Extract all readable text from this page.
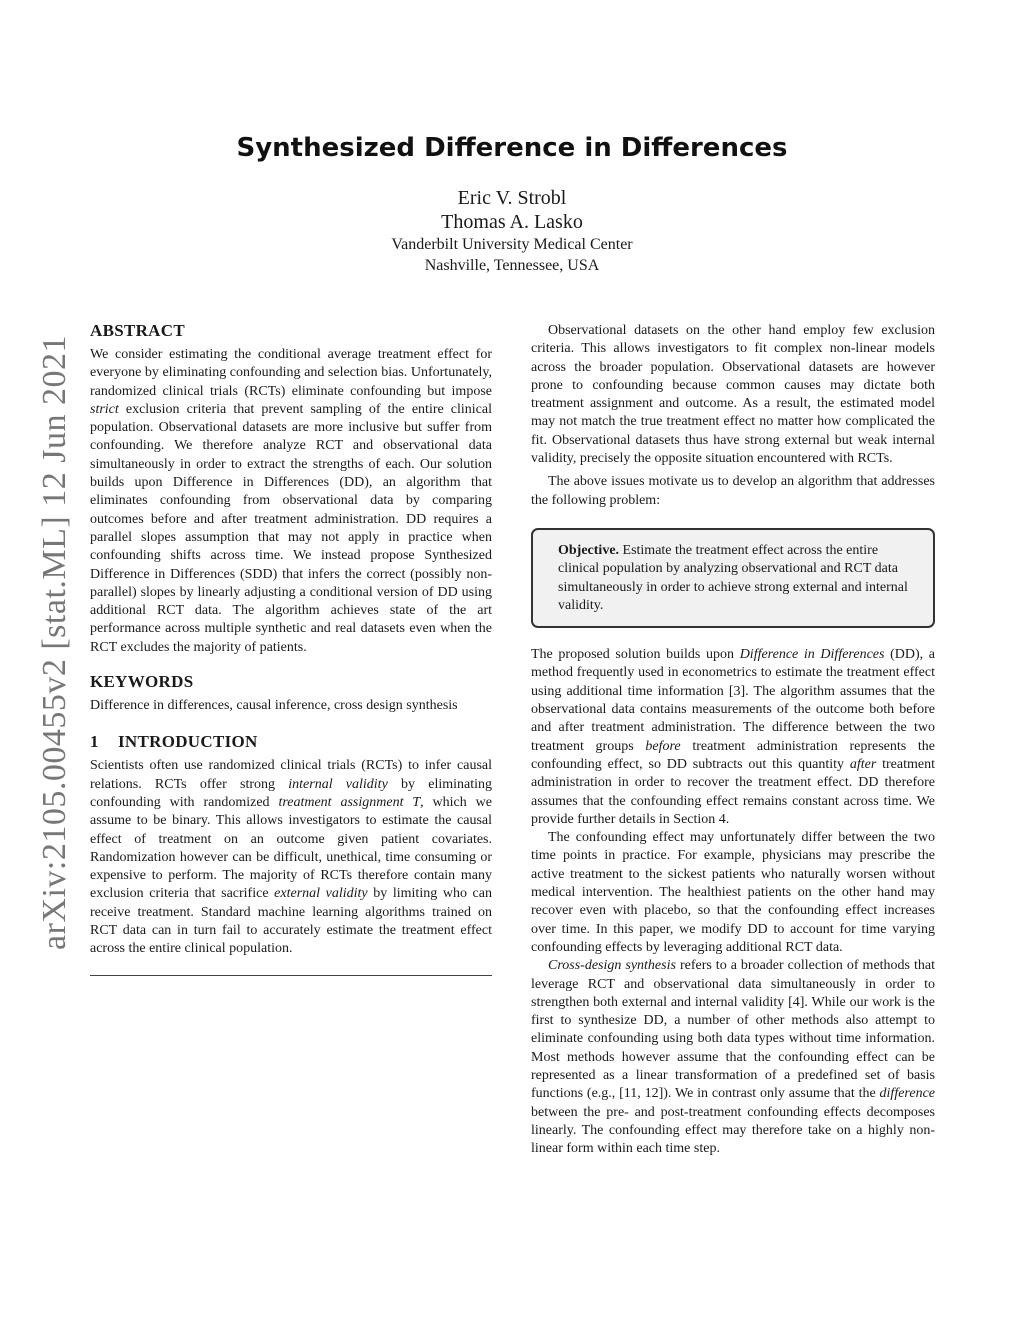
arXiv:2105.00455v2 [stat.ML] 12 Jun 2021
Synthesized Difference in Differences
Eric V. Strobl
Thomas A. Lasko
Vanderbilt University Medical Center
Nashville, Tennessee, USA
ABSTRACT

We consider estimating the conditional average treatment effect for everyone by eliminating confounding and selection bias. Unfortunately, randomized clinical trials (RCTs) eliminate confounding but impose strict exclusion criteria that prevent sampling of the entire clinical population. Observational datasets are more inclusive but suffer from confounding. We therefore analyze RCT and observational data simultaneously in order to extract the strengths of each. Our solution builds upon Difference in Differences (DD), an algorithm that eliminates confounding from observational data by comparing outcomes before and after treatment administration. DD requires a parallel slopes assumption that may not apply in practice when confounding shifts across time. We instead propose Synthesized Difference in Differences (SDD) that infers the correct (possibly non-parallel) slopes by linearly adjusting a conditional version of DD using additional RCT data. The algorithm achieves state of the art performance across multiple synthetic and real datasets even when the RCT excludes the majority of patients.

KEYWORDS

Difference in differences, causal inference, cross design synthesis

1 INTRODUCTION

Scientists often use randomized clinical trials (RCTs) to infer causal relations. RCTs offer strong internal validity by eliminating confounding with randomized treatment assignment T, which we assume to be binary. This allows investigators to estimate the causal effect of treatment on an outcome given patient covariates. Randomization however can be difficult, unethical, time consuming or expensive to perform. The majority of RCTs therefore contain many exclusion criteria that sacrifice external validity by limiting who can receive treatment. Standard machine learning algorithms trained on RCT data can in turn fail to accurately estimate the treatment effect across the entire clinical population.

Observational datasets on the other hand employ few exclusion criteria. This allows investigators to fit complex non-linear models across the broader population. Observational datasets are however prone to confounding because common causes may dictate both treatment assignment and outcome. As a result, the estimated model may not match the true treatment effect no matter how complicated the fit. Observational datasets thus have strong external but weak internal validity, precisely the opposite situation encountered with RCTs.

The above issues motivate us to develop an algorithm that addresses the following problem:

Objective. Estimate the treatment effect across the entire clinical population by analyzing observational and RCT data simultaneously in order to achieve strong external and internal validity.

The proposed solution builds upon Difference in Differences (DD), a method frequently used in econometrics to estimate the treatment effect using additional time information [3]. The algorithm assumes that the observational data contains measurements of the outcome both before and after treatment administration. The difference between the two treatment groups before treatment administration represents the confounding effect, so DD subtracts out this quantity after treatment administration in order to recover the treatment effect. DD therefore assumes that the confounding effect remains constant across time. We provide further details in Section 4.

The confounding effect may unfortunately differ between the two time points in practice. For example, physicians may prescribe the active treatment to the sickest patients who naturally worsen without medical intervention. The healthiest patients on the other hand may recover even with placebo, so that the confounding effect increases over time. In this paper, we modify DD to account for time varying confounding effects by leveraging additional RCT data.

Cross-design synthesis refers to a broader collection of methods that leverage RCT and observational data simultaneously in order to strengthen both external and internal validity [4]. While our work is the first to synthesize DD, a number of other methods also attempt to eliminate confounding using both data types without time information. Most methods however assume that the confounding effect can be represented as a linear transformation of a predefined set of basis functions (e.g., [11, 12]). We in contrast only assume that the difference between the pre- and post-treatment confounding effects decomposes linearly. The confounding effect may therefore take on a highly non-linear form within each time step.
